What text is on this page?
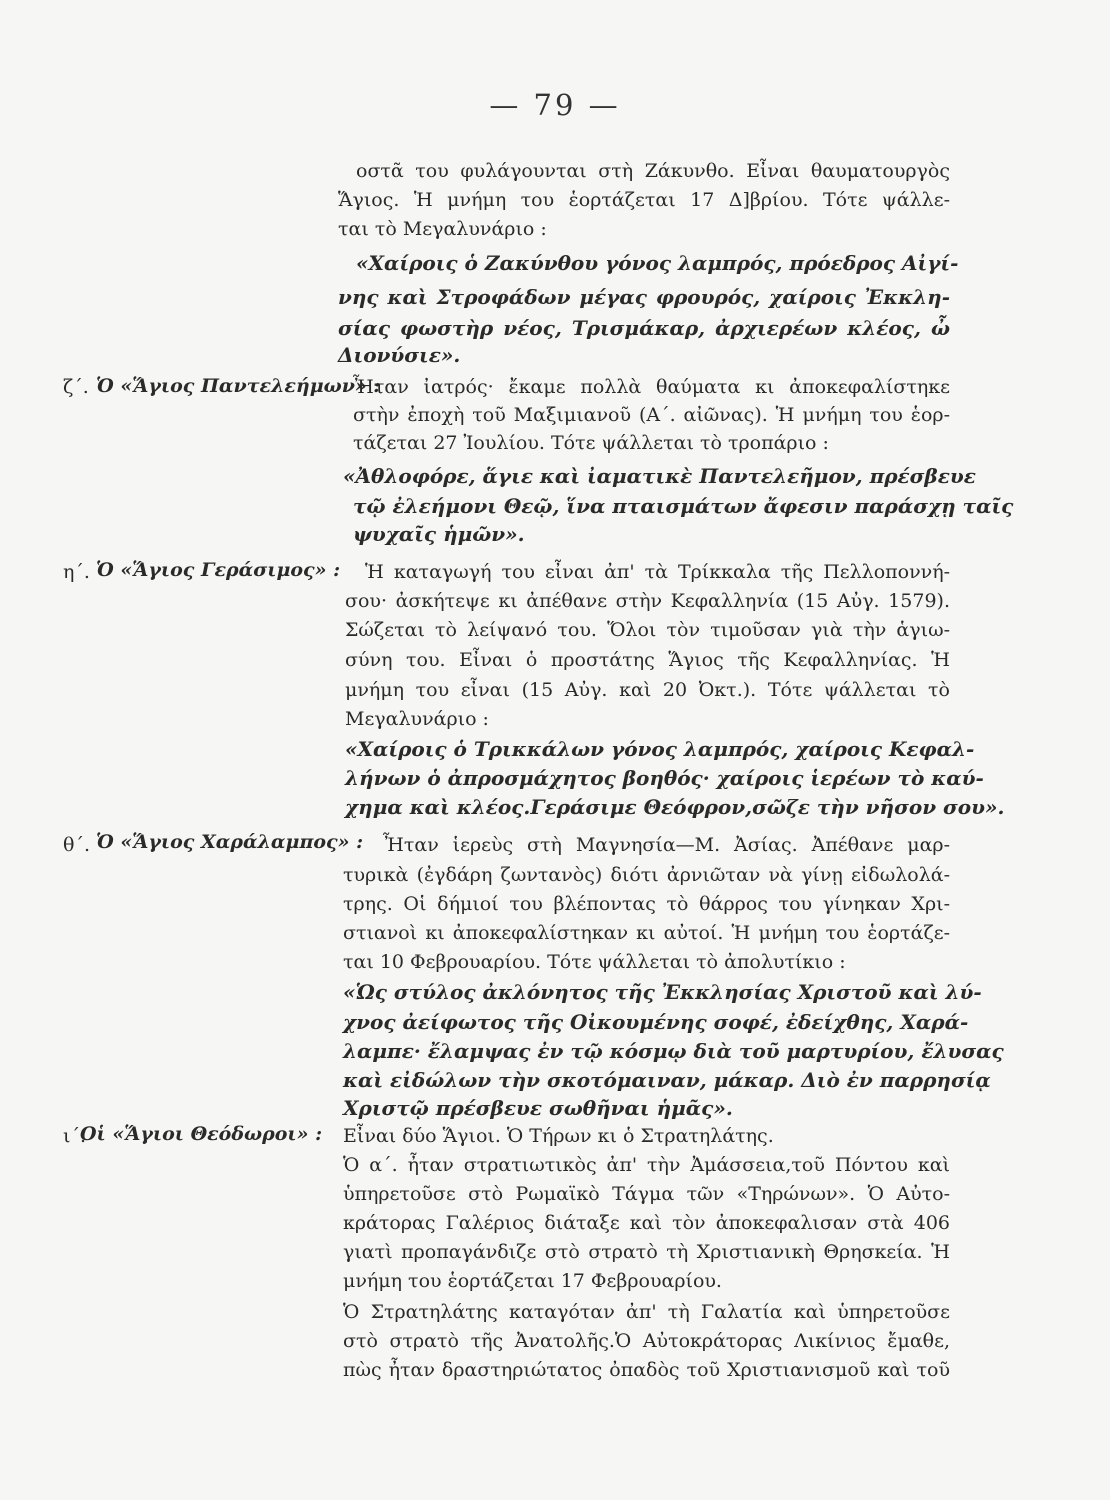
— 79 —
οστᾶ του φυλάγουνται στὴ Ζάκυνθο. Εἶναι θαυματουργὸς
Ἅγιος. Ἡ μνήμη του ἑορτάζεται 17 Δ]βρίου. Τότε ψάλλε-
ται τὸ Μεγαλυνάριο :
«Χαίροις ὁ Ζακύνθου γόνος λαμπρός, πρόεδρος Αἰγί-
νης καὶ Στροφάδων μέγας φρουρός, χαίροις Ἐκκλη-
σίας φωστὴρ νέος, Τρισμάκαρ, ἀρχιερέων κλέος, ὦ
Διονύσιε».
ζ΄. Ὁ «Ἅγιος Παντελεήμων» :
Ἦταν ἰατρός· ἔκαμε πολλὰ θαύματα κι ἀποκεφαλίστηκε
στὴν ἐποχὴ τοῦ Μαξιμιανοῦ (Α΄. αἰῶνας). Ἡ μνήμη του ἑορ-
τάζεται 27 Ἰουλίου. Τότε ψάλλεται τὸ τροπάριο :
«Ἀθλοφόρε, ἅγιε καὶ ἰαματικὲ Παντελεῆμον, πρέσβευε
τῷ ἐλεήμονι Θεῷ, ἵνα πταισμάτων ἄφεσιν παράσχῃ ταῖς
ψυχαῖς ἡμῶν».
η΄. Ὁ «Ἅγιος Γεράσιμος» : Ἡ καταγωγή του εἶναι ἀπ' τὰ Τρίκκαλα τῆς Πελλοποννή-
σου· ἀσκήτεψε κι ἀπέθανε στὴν Κεφαλληνία (15 Αὐγ. 1579).
Σώζεται τὸ λείψανό του. Ὅλοι τὸν τιμοῦσαν γιὰ τὴν ἁγιω-
σύνη του. Εἶναι ὁ προστάτης Ἅγιος τῆς Κεφαλληνίας. Ἡ
μνήμη του εἶναι (15 Αὐγ. καὶ 20 Ὀκτ.). Τότε ψάλλεται τὸ
Μεγαλυνάριο :
«Χαίροις ὁ Τρικκάλων γόνος λαμπρός, χαίροις Κεφαλ-
λήνων ὁ ἀπροσμάχητος βοηθός· χαίροις ἱερέων τὸ καύ-
χημα καὶ κλέος.Γεράσιμε Θεόφρον,σῶζε τὴν νῆσον σου».
θ΄. Ὁ «Ἅγιος Χαράλαμπος» : Ἦταν ἱερεὺς στὴ Μαγνησία—Μ. Ἀσίας. Ἀπέθανε μαρ-
τυρικὰ (ἐγδάρη ζωντανὸς) διότι ἀρνιῶταν νὰ γίνῃ εἰδωλολά-
τρης. Οἱ δήμιοί του βλέποντας τὸ θάρρος του γίνηκαν Χρι-
στιανοὶ κι ἀποκεφαλίστηκαν κι αὐτοί. Ἡ μνήμη του ἑορτάζε-
ται 10 Φεβρουαρίου. Τότε ψάλλεται τὸ ἀπολυτίκιο :
«Ὡς στύλος ἀκλόνητος τῆς Ἐκκλησίας Χριστοῦ καὶ λύ-
χνος ἀείφωτος τῆς Οἰκουμένης σοφέ, ἐδείχθης, Χαρά-
λαμπε· ἔλαμψας ἐν τῷ κόσμῳ διὰ τοῦ μαρτυρίου, ἔλυσας
καὶ εἰδώλων τὴν σκοτόμαιναν, μάκαρ. Διὸ ἐν παρρησίᾳ
Χριστῷ πρέσβευε σωθῆναι ἡμᾶς».
ι΄.
Οἱ «Ἅγιοι Θεόδωροι» : Εἶναι δύο Ἅγιοι. Ὁ Τήρων κι ὁ Στρατηλάτης.
Ὁ α΄. ἦταν στρατιωτικὸς ἀπ' τὴν Ἀμάσσεια,τοῦ Πόντου καὶ
ὑπηρετοῦσε στὸ Ρωμαϊκὸ Τάγμα τῶν «Τηρώνων». Ὁ Αὐτο-
κράτορας Γαλέριος διάταξε καὶ τὸν ἀποκεφαλισαν στὰ 406
γιατὶ προπαγάνδιζε στὸ στρατὸ τὴ Χριστιανικὴ Θρησκεία. Ἡ
μνήμη του ἑορτάζεται 17 Φεβρουαρίου.
Ὁ Στρατηλάτης καταγόταν ἀπ' τὴ Γαλατία καὶ ὑπηρετοῦσε
στὸ στρατὸ τῆς Ἀνατολῆς.Ὁ Αὐτοκράτορας Λικίνιος ἔμαθε,
πὼς ἦταν δραστηριώτατος ὀπαδὸς τοῦ Χριστιανισμοῦ καὶ τοῦ
